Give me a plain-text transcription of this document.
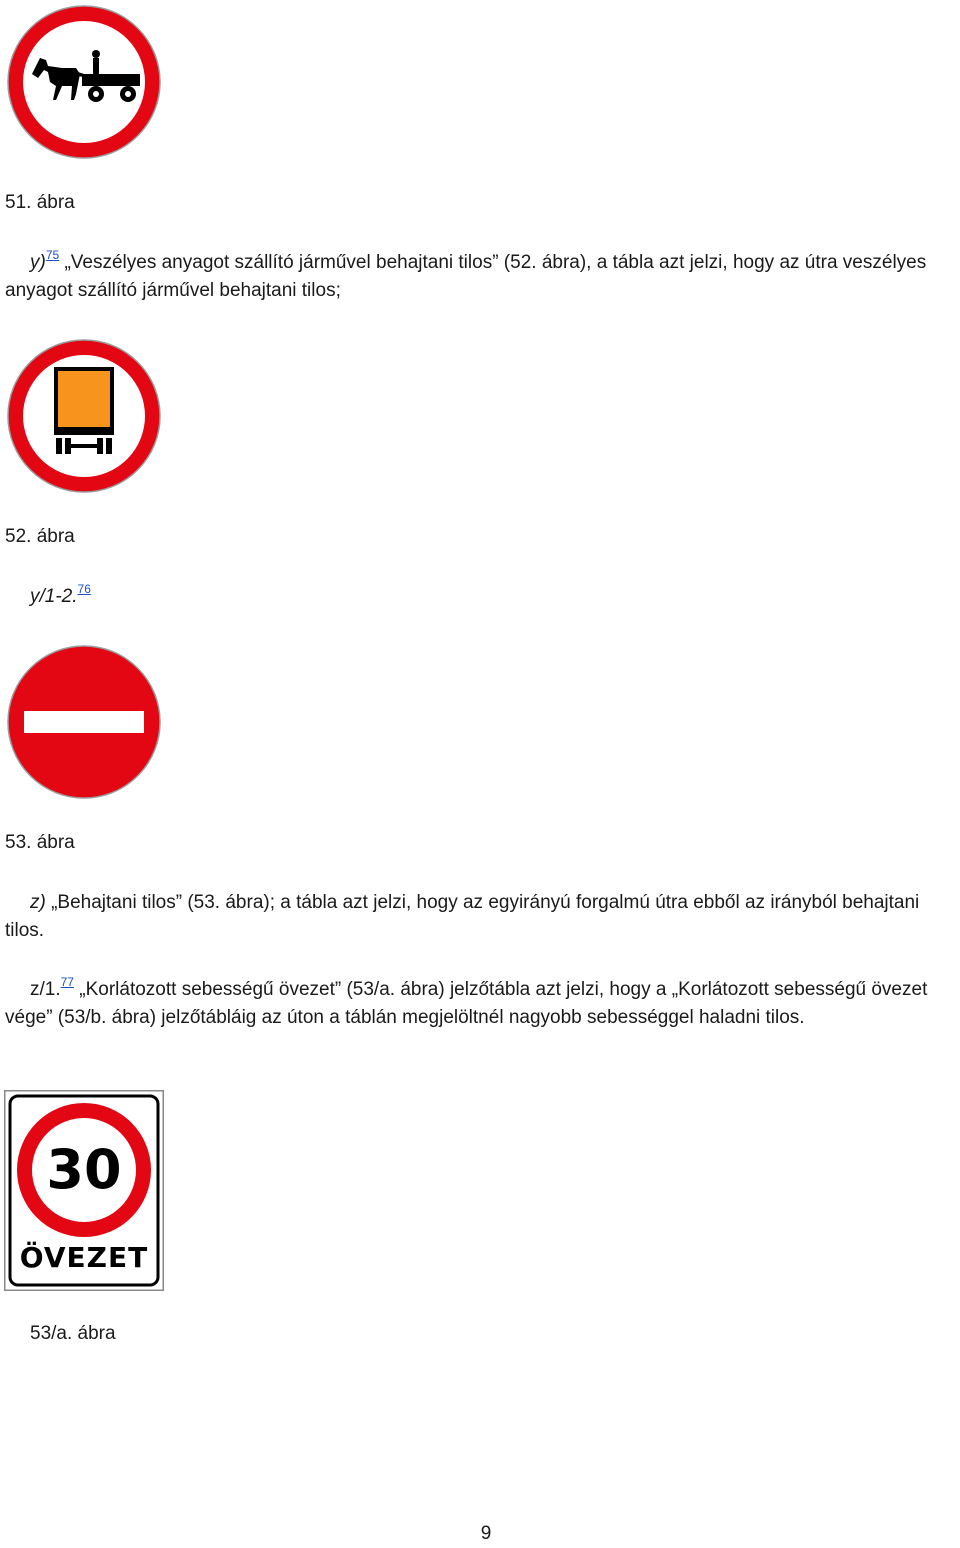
51. ábra

y)$^{75}$ „Veszélyes anyagot szállító járművel behajtani tilos” (52. ábra), a tábla azt jelzi, hogy az útra veszélyes anyagot szállító járművel behajtani tilos;

52. ábra

y/1-2.76

53. ábra

z) „Behajtani tilos” (53. ábra); a tábla azt jelzi, hogy az egyirányú forgalmú útra ebből az irányból behajtani tilos.
z/1.77 „Korlátozott sebességű övezet” (53/a. ábra) jelzőtábla azt jelzi, hogy a „Korlátozott sebességű övezet vége” (53/b. ábra) jelzőtábláig az úton a táblán megjelöltnél nagyobb sebességgel haladni tilos.
30
ÖVEZET

53/a. ábra

9
